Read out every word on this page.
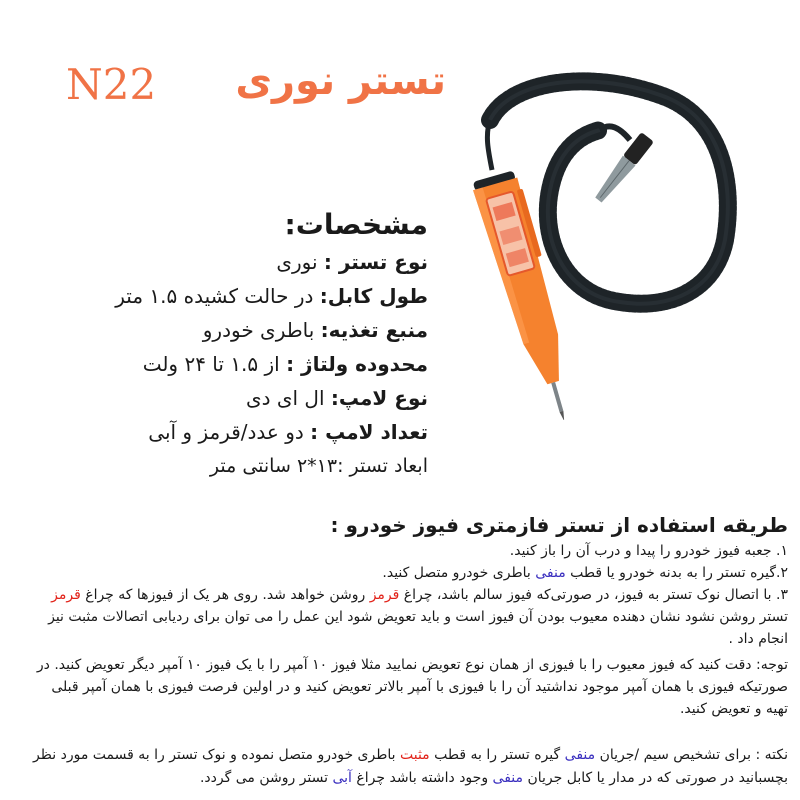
تستر نوری
N22
مشخصات:
نوع تستر : نوری
طول کابل: در حالت کشیده ۱.۵ متر
منبع تغذیه: باطری خودرو
محدوده ولتاژ : از ۱.۵ تا ۲۴ ولت
نوع لامپ: ال ای دی
تعداد لامپ : دو عدد/قرمز و آبی
ابعاد تستر :۱۳*۲ سانتی متر
طریقه استفاده از تستر فازمتری فیوز خودرو :

۱. جعبه فیوز خودرو را پیدا و درب آن را باز کنید.

۲.گیره تستر را به بدنه خودرو یا قطب منفی باطری خودرو متصل کنید.

۳. با اتصال نوک تستر به فیوز، در صورتی‌که فیوز سالم باشد، چراغ قرمز روشن خواهد شد. روی هر یک از فیوزها که چراغ قرمز تستر روشن نشود نشان دهنده معیوب بودن آن فیوز است و باید تعویض شود این عمل را می توان برای ردیابی اتصالات مثبت نیز انجام داد .

توجه: دقت کنید که فیوز معیوب را با فیوزی از همان نوع تعویض نمایید مثلا فیوز ۱۰ آمپر را با یک فیوز ۱۰ آمپر دیگر تعویض کنید. در صورتیکه فیوزی با همان آمپر موجود نداشتید آن را با فیوزی با آمپر بالاتر تعویض کنید و در اولین فرصت فیوزی با همان آمپر قبلی تهیه و تعویض کنید.

نکته : برای تشخیص سیم /جریان منفی گیره تستر را به قطب مثبت باطری خودرو متصل نموده و نوک تستر را به قسمت مورد نظر بچسبانید در صورتی که در مدار یا کابل جریان منفی وجود داشته باشد چراغ آبی تستر روشن می گردد.
